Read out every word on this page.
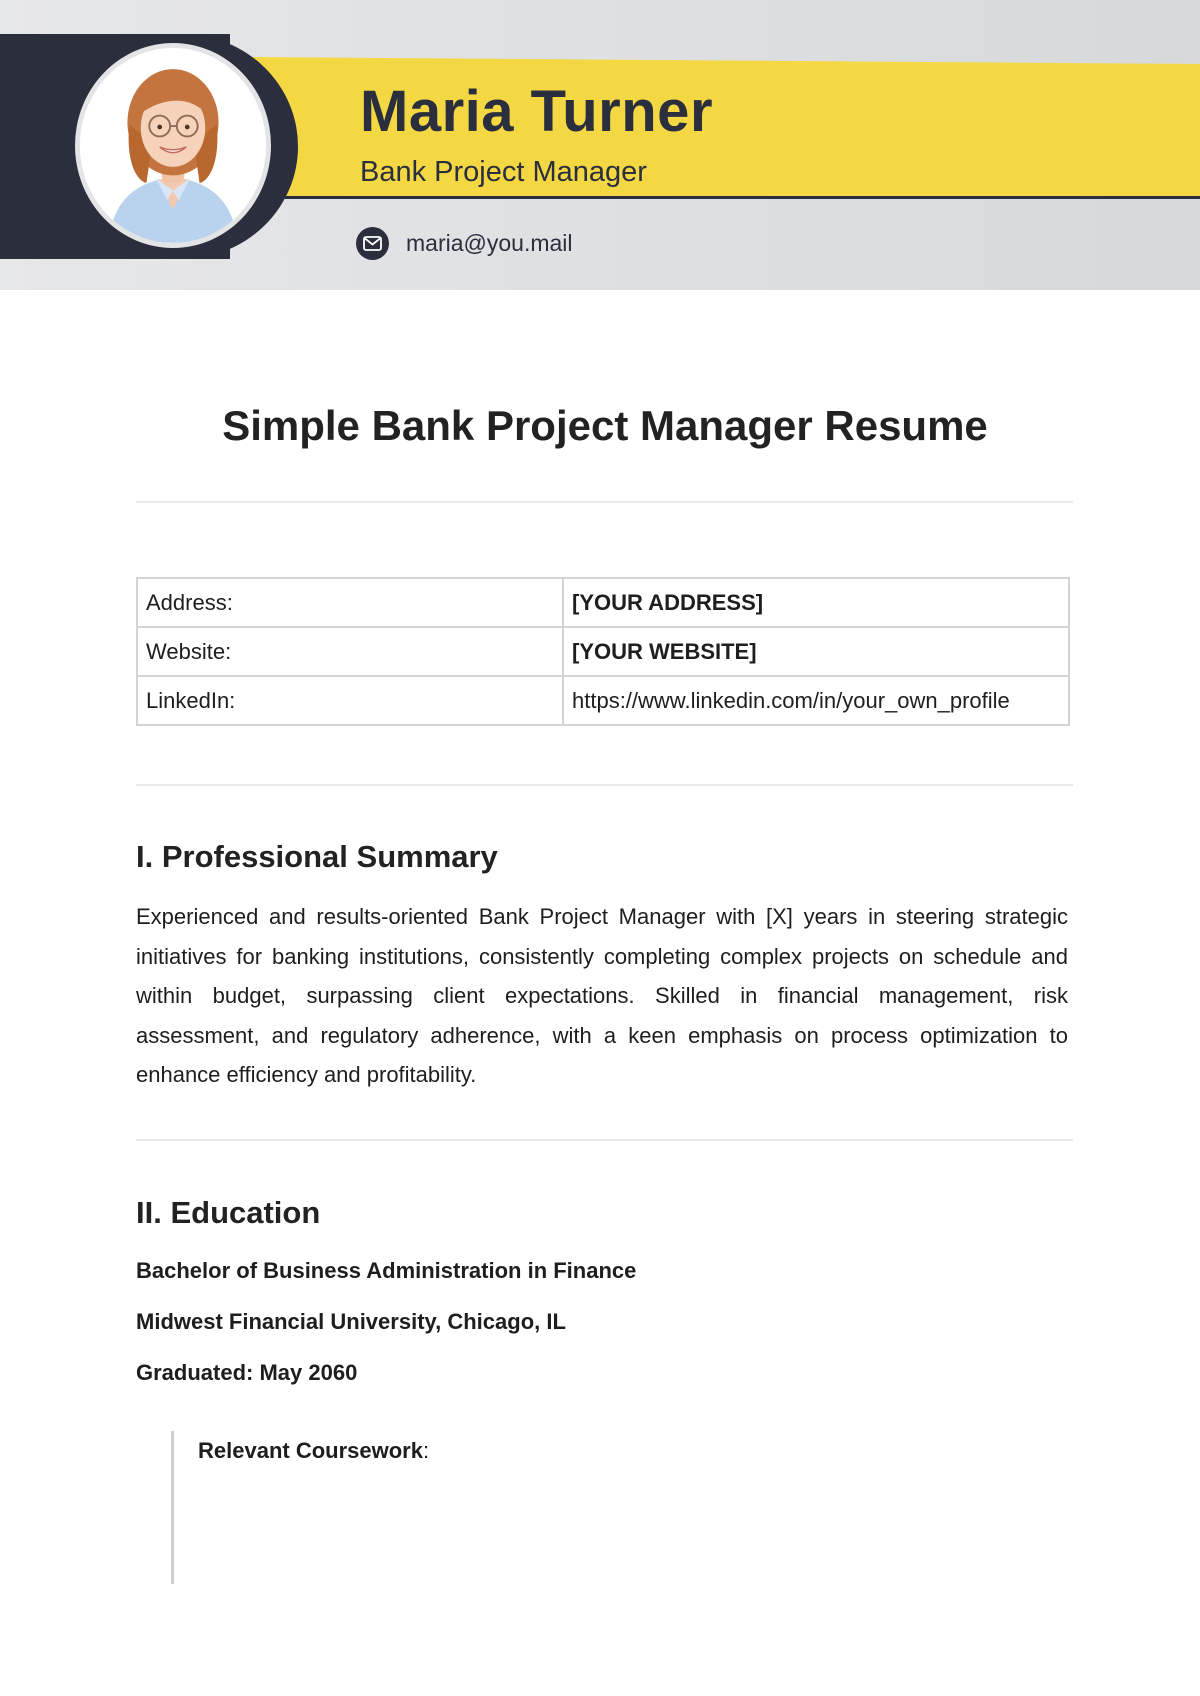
Maria Turner
Bank Project Manager
maria@you.mail
Simple Bank Project Manager Resume
Address:	[YOUR ADDRESS]
Website:	[YOUR WEBSITE]
LinkedIn:	https://www.linkedin.com/in/your_own_profile
I. Professional Summary

Experienced and results-oriented Bank Project Manager with [X] years in steering strategic initiatives for banking institutions, consistently completing complex projects on schedule and within budget, surpassing client expectations. Skilled in financial management, risk assessment, and regulatory adherence, with a keen emphasis on process optimization to enhance efficiency and profitability.

II. Education
Bachelor of Business Administration in Finance
Midwest Financial University, Chicago, IL
Graduated: May 2060
Relevant Coursework:
